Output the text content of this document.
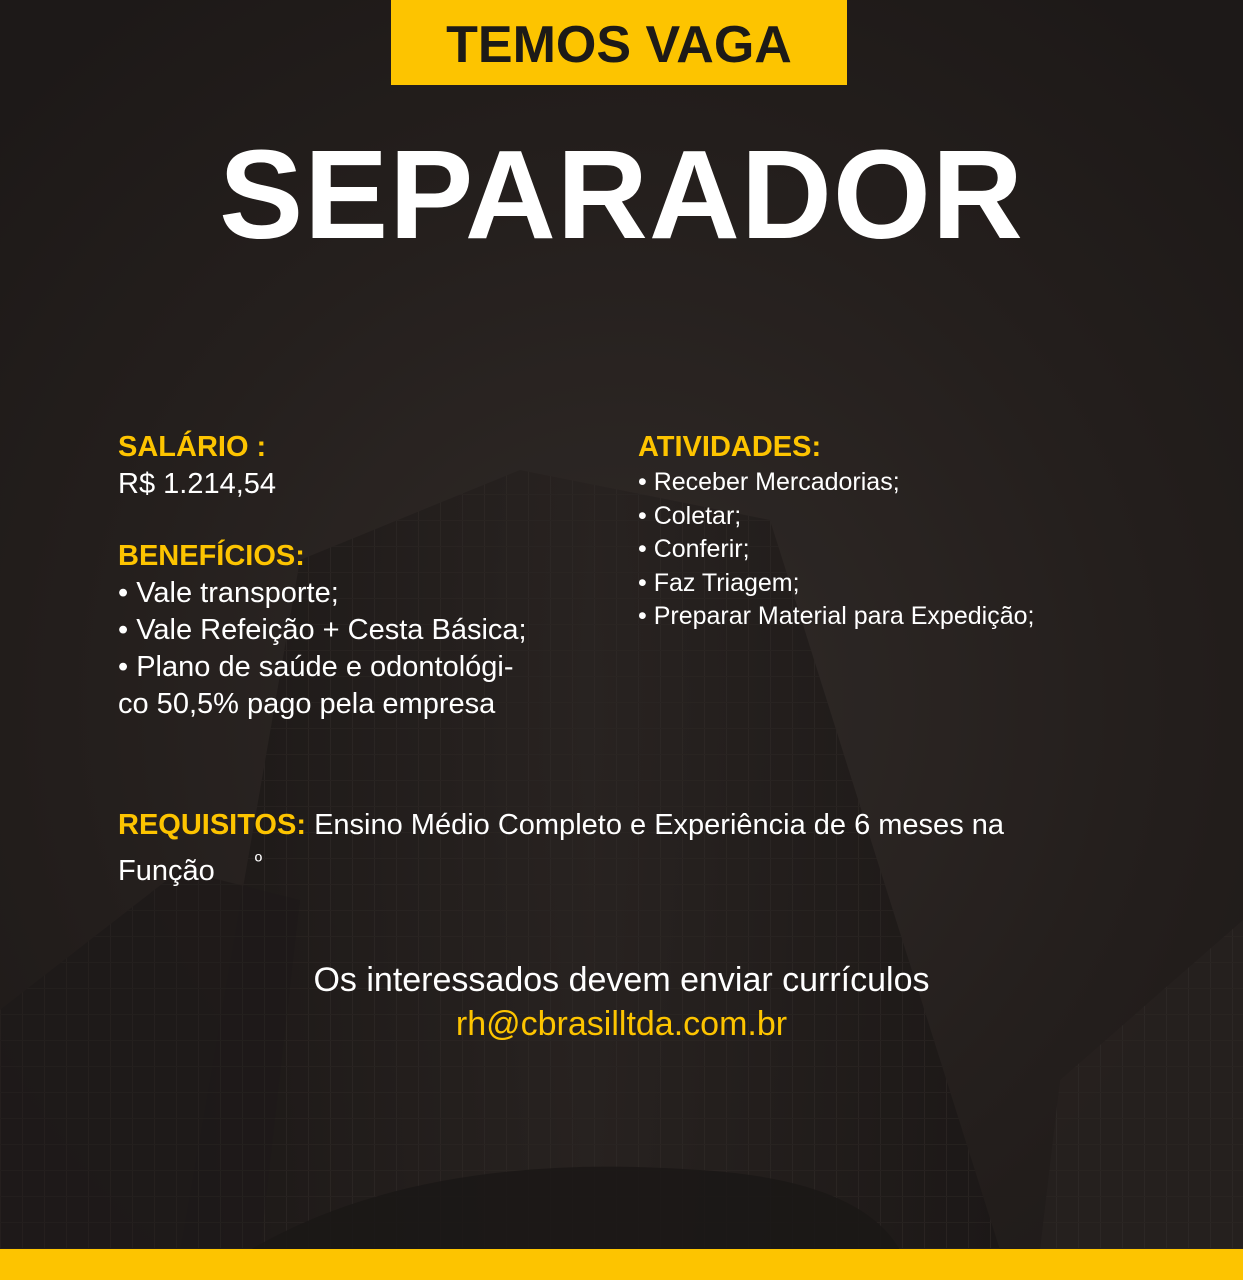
TEMOS VAGA
SEPARADOR
SALÁRIO :
R$ 1.214,54
BENEFÍCIOS:
• Vale transporte;
• Vale Refeição + Cesta Básica;
• Plano de saúde e odontológi-
co 50,5% pago pela empresa
ATIVIDADES:
• Receber Mercadorias;
• Coletar;
• Conferir;
• Faz Triagem;
• Preparar Material para Expedição;
REQUISITOS: Ensino Médio Completo e Experiência de 6 meses na
Função º
Os interessados devem enviar currículos
rh@cbrasilltda.com.br
